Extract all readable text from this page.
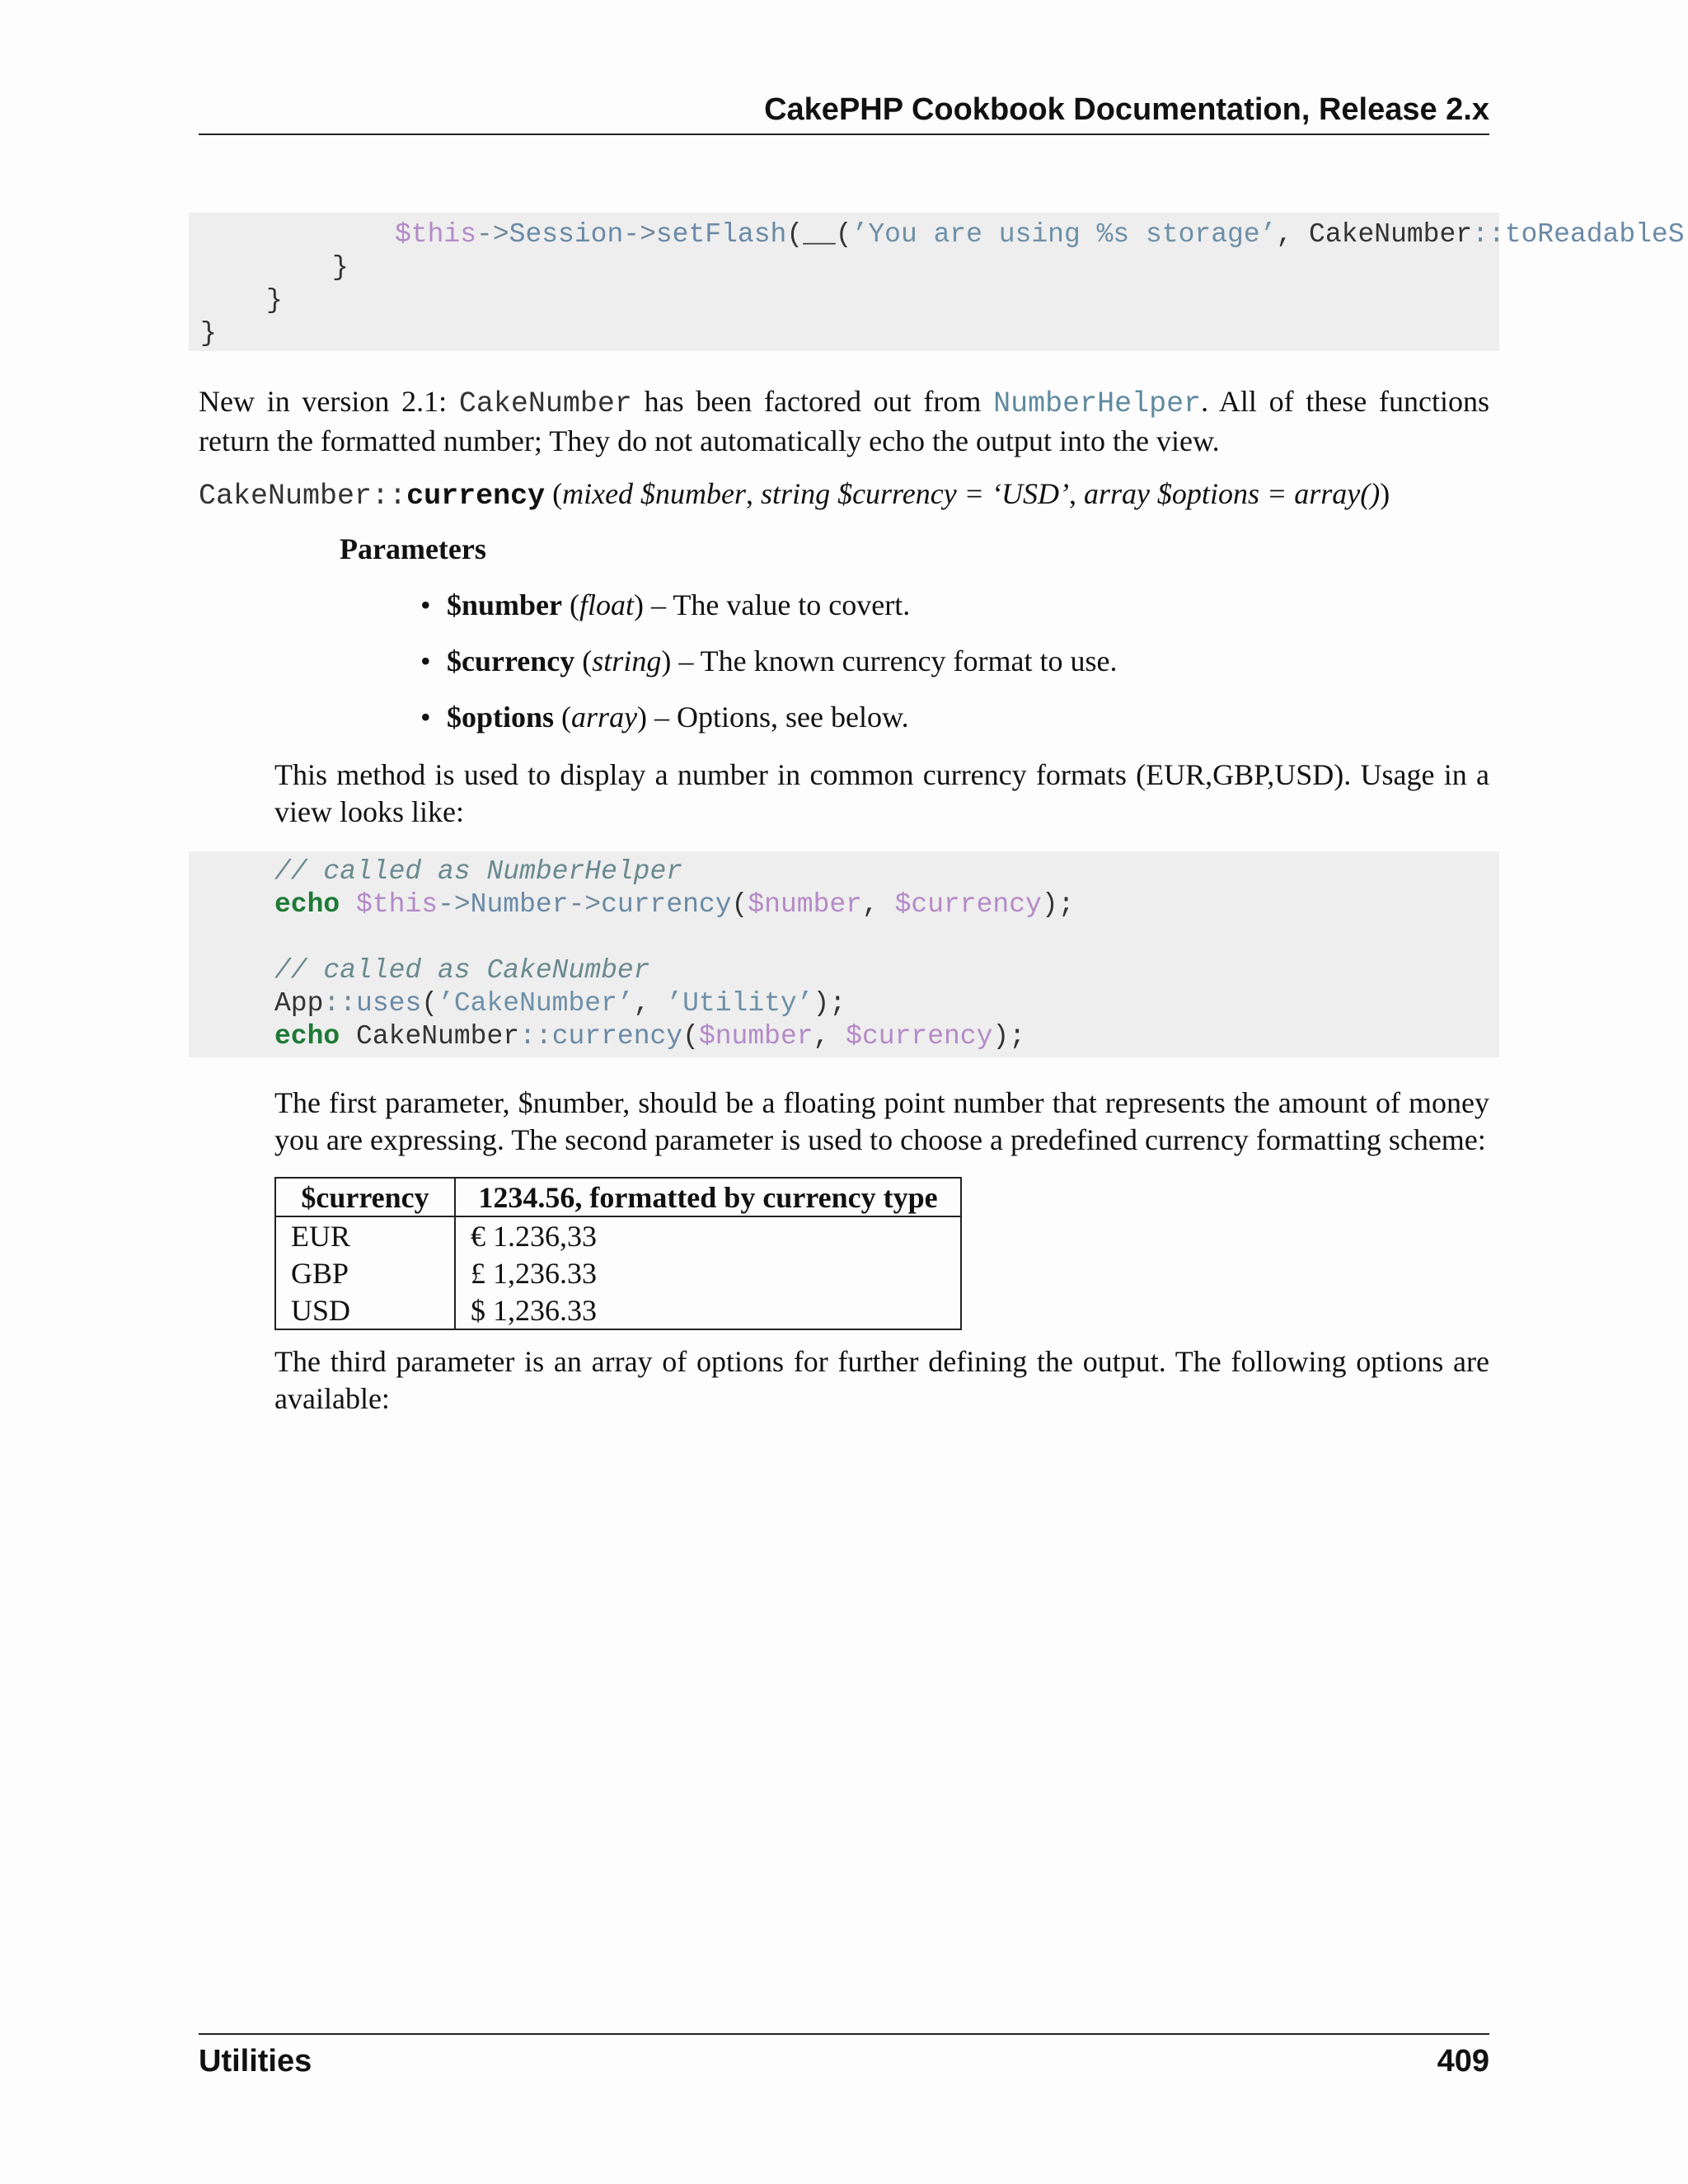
CakePHP Cookbook Documentation, Release 2.x
$this->Session->setFlash(__(’You are using %s storage’, CakeNumber::toReadableS
}
}
}
New in version 2.1: CakeNumber has been factored out from NumberHelper. All of these functions return the formatted number; They do not automatically echo the output into the view.
CakeNumber::currency (mixed $number, string $currency = ‘USD’, array $options = array())
Parameters
• $number (float) – The value to covert.
• $currency (string) – The known currency format to use.
• $options (array) – Options, see below.
This method is used to display a number in common currency formats (EUR,GBP,USD). Usage in a view looks like:
// called as NumberHelper
echo $this->Number->currency($number, $currency);
// called as CakeNumber
App::uses(’CakeNumber’, ’Utility’);
echo CakeNumber::currency($number, $currency);
The first parameter, $number, should be a floating point number that represents the amount of money you are expressing. The second parameter is used to choose a predefined currency formatting scheme:
$currency	1234.56, formatted by currency type
EUR	€ 1.236,33
GBP	£ 1,236.33
USD	$ 1,236.33
The third parameter is an array of options for further defining the output. The following options are available:
Utilities	409
